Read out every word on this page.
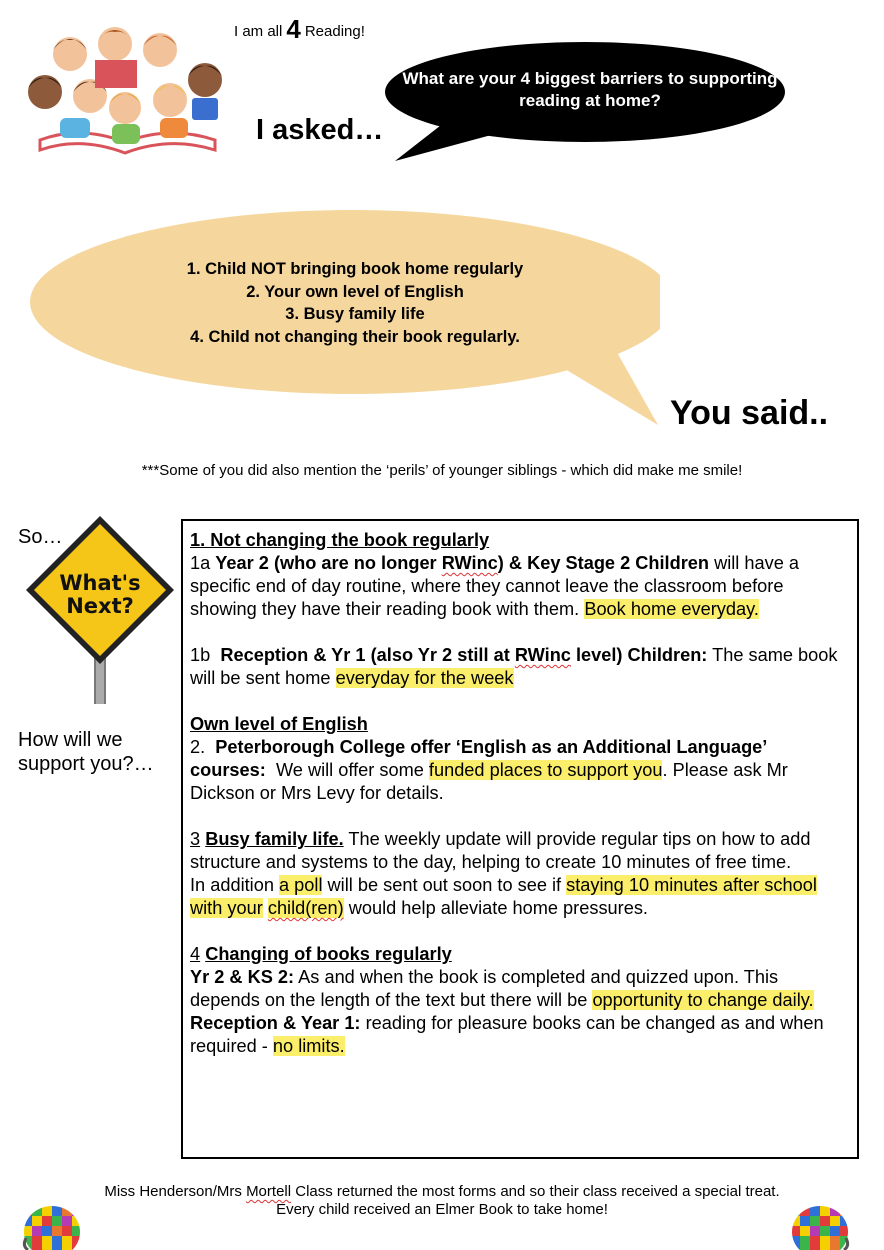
I am all 4 Reading!
What are your 4 biggest barriers to supporting reading at home?
I asked…
1. Child NOT bringing book home regularly
2. Your own level of English
3. Busy family life
4. Child not changing their book regularly.
You said..
***Some of you did also mention the ‘perils’ of younger siblings - which did make me smile!
So…
What's
Next?
How will we support you?…

1. Not changing the book regularly

1a Year 2 (who are no longer RWinc) & Key Stage 2 Children will have a specific end of day routine, where they cannot leave the classroom before showing they have their reading book with them. Book home everyday.

1b Reception & Yr 1 (also Yr 2 still at RWinc level) Children: The same book will be sent home everyday for the week

Own level of English

2. Peterborough College offer ‘English as an Additional Language’ courses: We will offer some funded places to support you. Please ask Mr Dickson or Mrs Levy for details.

3 Busy family life. The weekly update will provide regular tips on how to add structure and systems to the day, helping to create 10 minutes of free time.

In addition a poll will be sent out soon to see if staying 10 minutes after school with your child(ren) would help alleviate home pressures.

4 Changing of books regularly

Yr 2 & KS 2: As and when the book is completed and quizzed upon. This depends on the length of the text but there will be opportunity to change daily.

Reception & Year 1: reading for pleasure books can be changed as and when required - no limits.

Miss Henderson/Mrs Mortell Class returned the most forms and so their class received a special treat.
Every child received an Elmer Book to take home!
